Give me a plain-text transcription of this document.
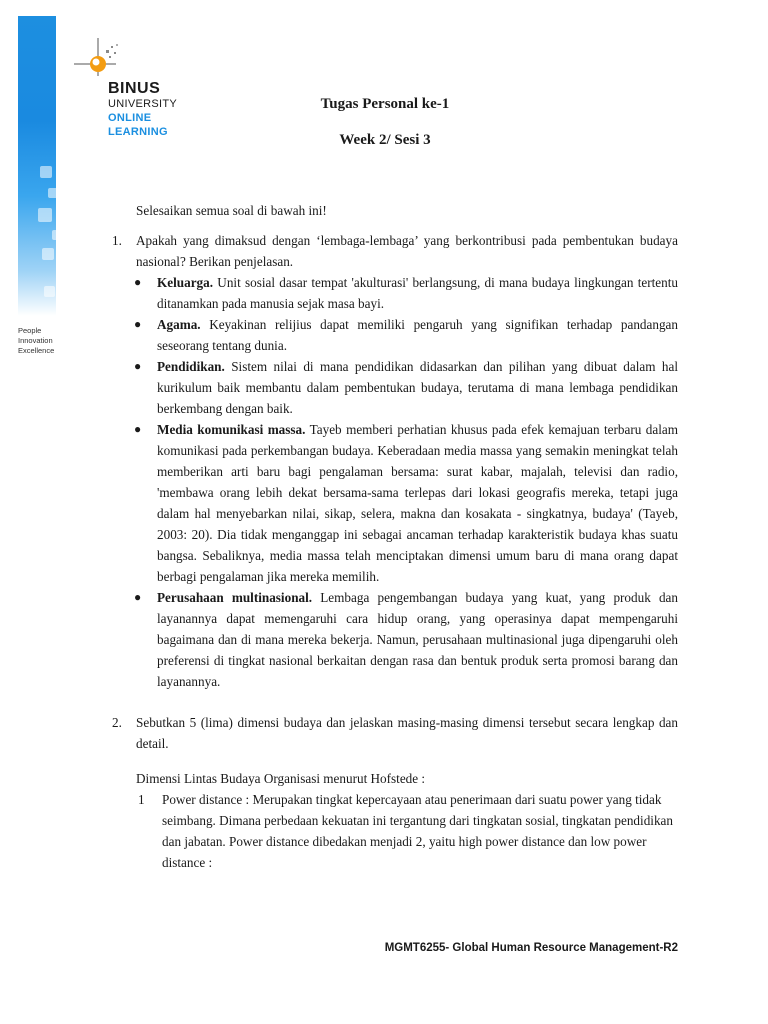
People
Innovation
Excellence
BINUS
UNIVERSITY
ONLINE
LEARNING
Tugas Personal ke-1
Week 2/ Sesi 3

Selesaikan semua soal di bawah ini!

1. Apakah yang dimaksud dengan ‘lembaga-lembaga’ yang berkontribusi pada pembentukan budaya nasional? Berikan penjelasan.
● Keluarga. Unit sosial dasar tempat 'akulturasi' berlangsung, di mana budaya lingkungan tertentu ditanamkan pada manusia sejak masa bayi.
● Agama. Keyakinan relijius dapat memiliki pengaruh yang signifikan terhadap pandangan seseorang tentang dunia.
● Pendidikan. Sistem nilai di mana pendidikan didasarkan dan pilihan yang dibuat dalam hal kurikulum baik membantu dalam pembentukan budaya, terutama di mana lembaga pendidikan berkembang dengan baik.
● Media komunikasi massa. Tayeb memberi perhatian khusus pada efek kemajuan terbaru dalam komunikasi pada perkembangan budaya. Keberadaan media massa yang semakin meningkat telah memberikan arti baru bagi pengalaman bersama: surat kabar, majalah, televisi dan radio, 'membawa orang lebih dekat bersama-sama terlepas dari lokasi geografis mereka, tetapi juga dalam hal menyebarkan nilai, sikap, selera, makna dan kosakata - singkatnya, budaya' (Tayeb, 2003: 20). Dia tidak menganggap ini sebagai ancaman terhadap karakteristik budaya khas suatu bangsa. Sebaliknya, media massa telah menciptakan dimensi umum baru di mana orang dapat berbagi pengalaman jika mereka memilih.
● Perusahaan multinasional. Lembaga pengembangan budaya yang kuat, yang produk dan layanannya dapat memengaruhi cara hidup orang, yang operasinya dapat mempengaruhi bagaimana dan di mana mereka bekerja. Namun, perusahaan multinasional juga dipengaruhi oleh preferensi di tingkat nasional berkaitan dengan rasa dan bentuk produk serta promosi barang dan layanannya.
2. Sebutkan 5 (lima) dimensi budaya dan jelaskan masing-masing dimensi tersebut secara lengkap dan detail.

Dimensi Lintas Budaya Organisasi menurut Hofstede :

1 Power distance : Merupakan tingkat kepercayaan atau penerimaan dari suatu power yang tidak seimbang. Dimana perbedaan kekuatan ini tergantung dari tingkatan sosial, tingkatan pendidikan dan jabatan. Power distance dibedakan menjadi 2, yaitu high power distance dan low power distance :
MGMT6255- Global Human Resource Management-R2
